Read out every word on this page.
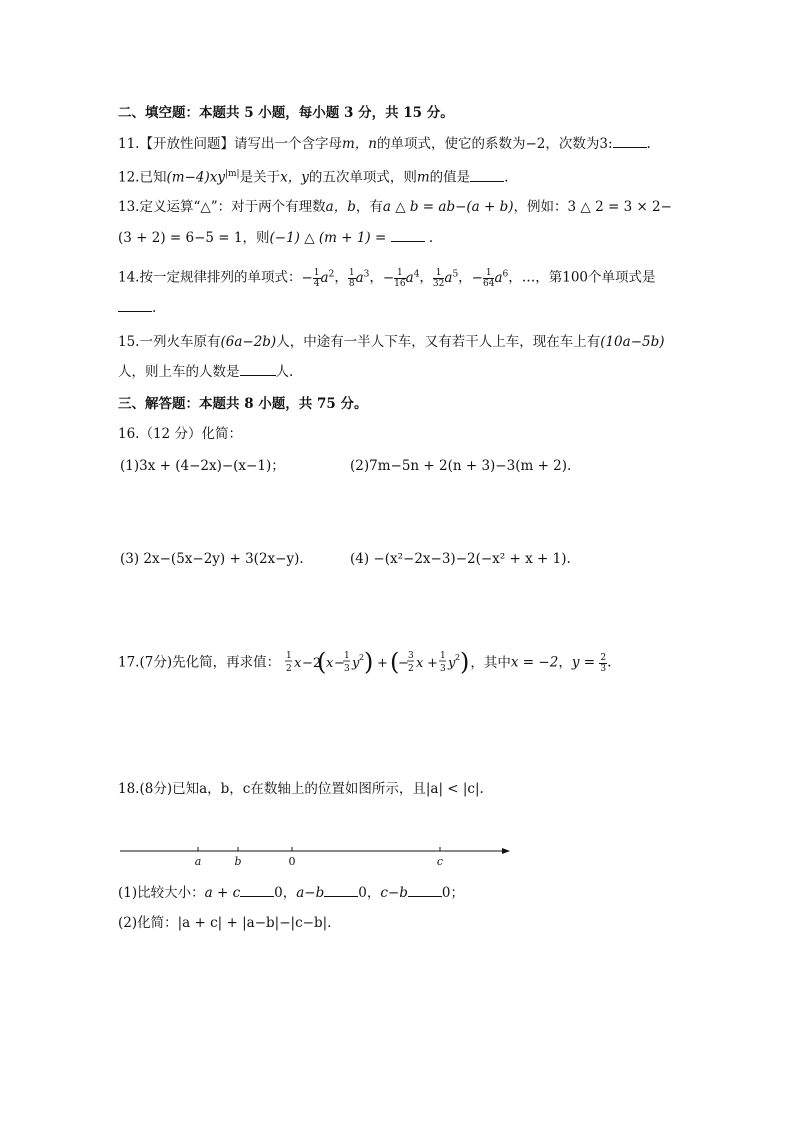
二、填空题：本题共 5 小题，每小题 3 分，共 15 分。
11.【开放性问题】请写出一个含字母m，n的单项式，使它的系数为−2，次数为3:	.
12.已知$(m-4)xy^{|m|}$是关于x，y的五次单项式，则m的值是	.
13.定义运算“△”：对于两个有理数a，b，有a △ b = ab−(a + b)，例如：3 △ 2 = 3 × 2−
(3 + 2) = 6−5 = 1，则(−1) △ (m + 1) =	.
14.按一定规律排列的单项式：− $\frac{1}{4} a^2$， $\frac{1}{8} a^3$，− $\frac{1}{16} a^4$， $\frac{1}{32} a^5$，− $\frac{1}{64} a^6$，…，第100个单项式是
.
15.一列火车原有(6a−2b)人，中途有一半人下车，又有若干人上车，现在车上有(10a−5b)
人，则上车的人数是	人.
三、解答题：本题共 8 小题，共 75 分。
16.（12 分）化简：
(1)3x + (4−2x)−(x−1)；	(2)7m−5n + 2(n + 3)−3(m + 2).
(3) 2x−(5x−2y) + 3(2x−y).	(4) −(x²−2x−3)−2(−x² + x + 1).
17.(7分)先化简，再求值： 1
2 x −2
( x − 1
3 y 2 ) + (
− 3
2 x + 1
3 y 2 ) ，其中x = −2，$y = \frac{2}{3}$ .
18.(8分)已知a，b，c在数轴上的位置如图所示，且|a| < |c|.
a	b	0	c
(1)比较大小：a + c	0，a−b	0，c−b	0；
(2)化简：|a + c| + |a−b|−|c−b|.
